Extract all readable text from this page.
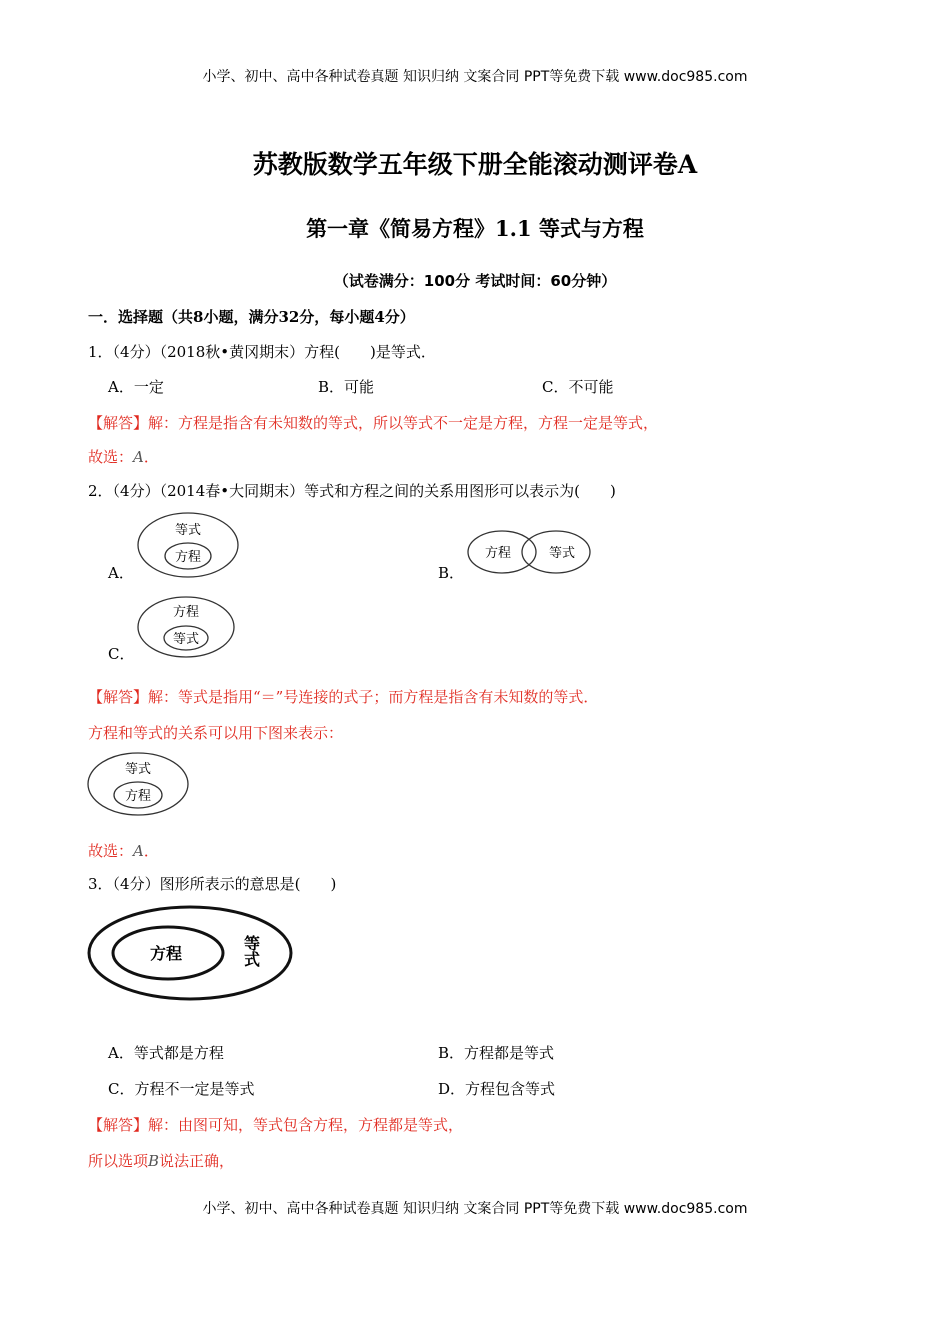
小学、初中、高中各种试卷真题 知识归纳 文案合同 PPT等免费下载 www.doc985.com
苏教版数学五年级下册全能滚动测评卷A
第一章《简易方程》1.1 等式与方程
（试卷满分：100分 考试时间：60分钟）
一．选择题（共8小题，满分32分，每小题4分）
1．（4分）（2018秋•黄冈期末）方程(　　)是等式．
A．一定	B．可能	C．不可能
【解答】解：方程是指含有未知数的等式，所以等式不一定是方程，方程一定是等式，
故选：A．
2．（4分）（2014春•大同期末）等式和方程之间的关系用图形可以表示为(　　)
A．
等式
方程
B．
方程	等式
C．
方程
等式
【解答】解：等式是指用“＝”号连接的式子；而方程是指含有未知数的等式．
方程和等式的关系可以用下图来表示：
等式
方程
故选：A．
3．（4分）图形所表示的意思是(　　)
方程	等式
A．等式都是方程	B．方程都是等式
C．方程不一定是等式	D．方程包含等式
【解答】解：由图可知，等式包含方程，方程都是等式，
所以选项B说法正确，
小学、初中、高中各种试卷真题 知识归纳 文案合同 PPT等免费下载 www.doc985.com
